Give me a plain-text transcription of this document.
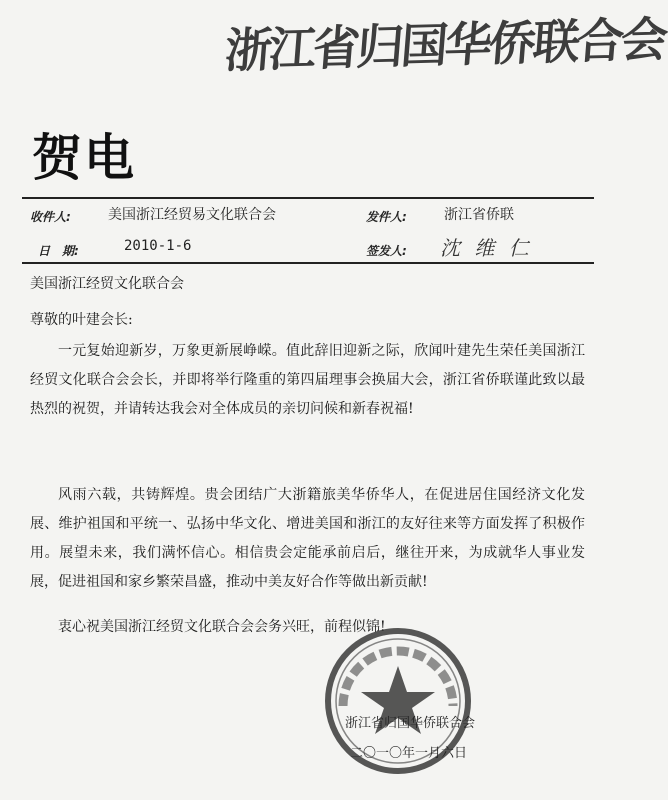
浙江省归国华侨联合会
贺电
收件人:	美国浙江经贸易文化联合会	发件人:	浙江省侨联
日　期:	2010-1-6	签发人: 沈 维 仁
美国浙江经贸文化联合会
尊敬的叶建会长:
一元复始迎新岁，万象更新展峥嵘。值此辞旧迎新之际，欣闻叶建先生荣任美国浙江经贸文化联合会会长，并即将举行隆重的第四届理事会换届大会，浙江省侨联谨此致以最热烈的祝贺，并请转达我会对全体成员的亲切问候和新春祝福!
风雨六载，共铸辉煌。贵会团结广大浙籍旅美华侨华人，在促进居住国经济文化发展、维护祖国和平统一、弘扬中华文化、增进美国和浙江的友好往来等方面发挥了积极作用。展望未来，我们满怀信心。相信贵会定能承前启后，继往开来，为成就华人事业发展，促进祖国和家乡繁荣昌盛，推动中美友好合作等做出新贡献!
衷心祝美国浙江经贸文化联合会会务兴旺，前程似锦!
浙江省归国华侨联合会
二〇一〇年一月六日
